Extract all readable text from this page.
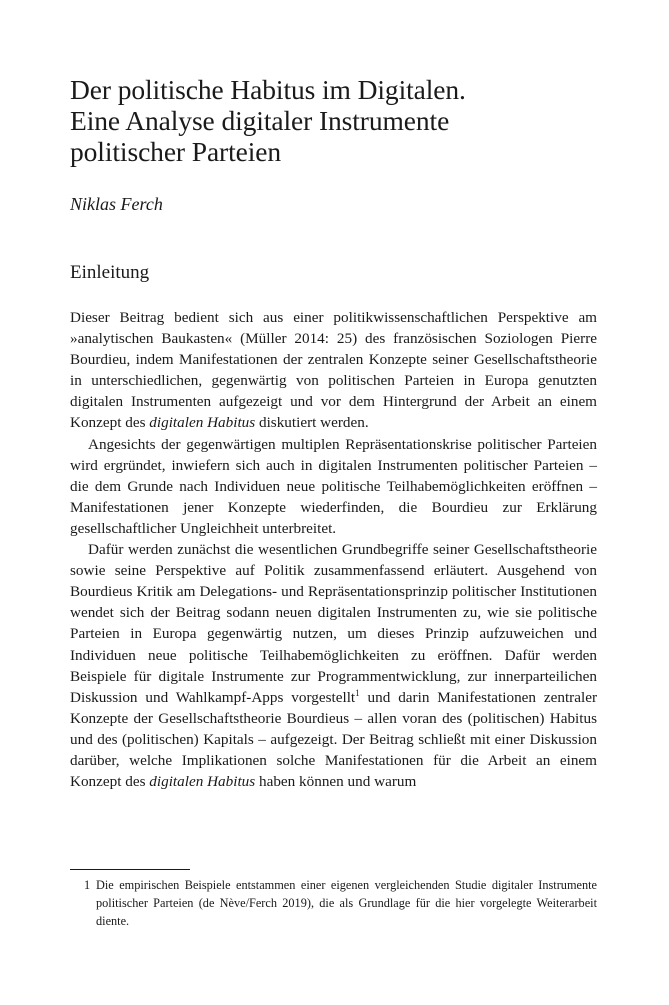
Der politische Habitus im Digitalen.
Eine Analyse digitaler Instrumente
politischer Parteien
Niklas Ferch
Einleitung

Dieser Beitrag bedient sich aus einer politikwissenschaftlichen Perspektive am »analytischen Baukasten« (Müller 2014: 25) des französischen Soziologen Pierre Bourdieu, indem Manifestationen der zentralen Konzepte seiner Gesellschaftstheorie in unterschiedlichen, gegenwärtig von politischen Parteien in Europa genutzten digitalen Instrumenten aufgezeigt und vor dem Hintergrund der Arbeit an einem Konzept des digitalen Habitus diskutiert werden.

Angesichts der gegenwärtigen multiplen Repräsentationskrise politischer Parteien wird ergründet, inwiefern sich auch in digitalen Instrumenten politischer Parteien – die dem Grunde nach Individuen neue politische Teilhabemöglichkeiten eröffnen – Manifestationen jener Konzepte wiederfinden, die Bourdieu zur Erklärung gesellschaftlicher Ungleichheit unterbreitet.

Dafür werden zunächst die wesentlichen Grundbegriffe seiner Gesellschaftstheorie sowie seine Perspektive auf Politik zusammenfassend erläutert. Ausgehend von Bourdieus Kritik am Delegations- und Repräsentationsprinzip politischer Institutionen wendet sich der Beitrag sodann neuen digitalen Instrumenten zu, wie sie politische Parteien in Europa gegenwärtig nutzen, um dieses Prinzip aufzuweichen und Individuen neue politische Teilhabemöglichkeiten zu eröffnen. Dafür werden Beispiele für digitale Instrumente zur Programmentwicklung, zur innerparteilichen Diskussion und Wahlkampf-Apps vorgestellt$^1$ und darin Manifestationen zentraler Konzepte der Gesellschaftstheorie Bourdieus – allen voran des (politischen) Habitus und des (politischen) Kapitals – aufgezeigt. Der Beitrag schließt mit einer Diskussion darüber, welche Implikationen solche Manifestationen für die Arbeit an einem Konzept des digitalen Habitus haben können und warum

1 Die empirischen Beispiele entstammen einer eigenen vergleichenden Studie digitaler Instrumente politischer Parteien (de Nève/Ferch 2019), die als Grundlage für die hier vorgelegte Weiterarbeit diente.
